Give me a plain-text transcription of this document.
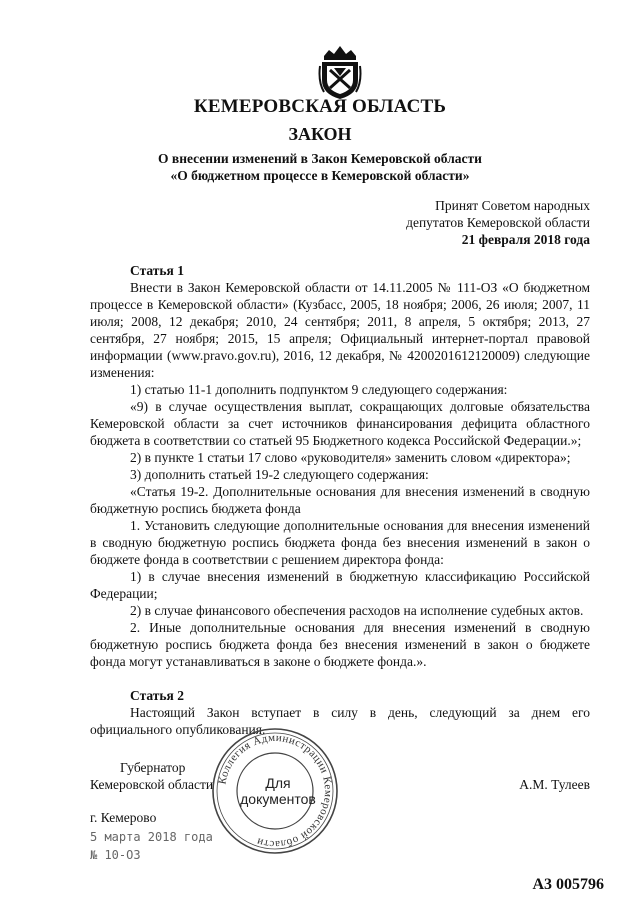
КЕМЕРОВСКАЯ ОБЛАСТЬ
ЗАКОН
О внесении изменений в Закон Кемеровской области
«О бюджетном процессе в Кемеровской области»
Принят Советом народных
депутатов Кемеровской области
21 февраля 2018 года

Статья 1

Внести в Закон Кемеровской области от 14.11.2005 № 111-ОЗ «О бюджетном процессе в Кемеровской области» (Кузбасс, 2005, 18 ноября; 2006, 26 июля; 2007, 11 июля; 2008, 12 декабря; 2010, 24 сентября; 2011, 8 апреля, 5 октября; 2013, 27 сентября, 27 ноября; 2015, 15 апреля; Официальный интернет-портал правовой информации (www.pravo.gov.ru), 2016, 12 декабря, № 4200201612120009) следующие изменения:

1) статью 11-1 дополнить подпунктом 9 следующего содержания:

«9) в случае осуществления выплат, сокращающих долговые обязательства Кемеровской области за счет источников финансирования дефицита областного бюджета в соответствии со статьей 95 Бюджетного кодекса Российской Федерации.»;

2) в пункте 1 статьи 17 слово «руководителя» заменить словом «директора»;

3) дополнить статьей 19-2 следующего содержания:

«Статья 19-2. Дополнительные основания для внесения изменений в сводную бюджетную роспись бюджета фонда

1. Установить следующие дополнительные основания для внесения изменений в сводную бюджетную роспись бюджета фонда без внесения изменений в закон о бюджете фонда в соответствии с решением директора фонда:

1) в случае внесения изменений в бюджетную классификацию Российской Федерации;

2) в случае финансового обеспечения расходов на исполнение судебных актов.

2. Иные дополнительные основания для внесения изменений в сводную бюджетную роспись бюджета фонда без внесения изменений в закон о бюджете фонда могут устанавливаться в законе о бюджете фонда.».

Статья 2

Настоящий Закон вступает в силу в день, следующий за днем его официального опубликования.

Губернатор
Кемеровской области	А.М. Тулеев
г. Кемерово
5 марта 2018 года
№ 10-ОЗ
Коллегия Администрации Кемеровской области
Для
документов
А3 005796
